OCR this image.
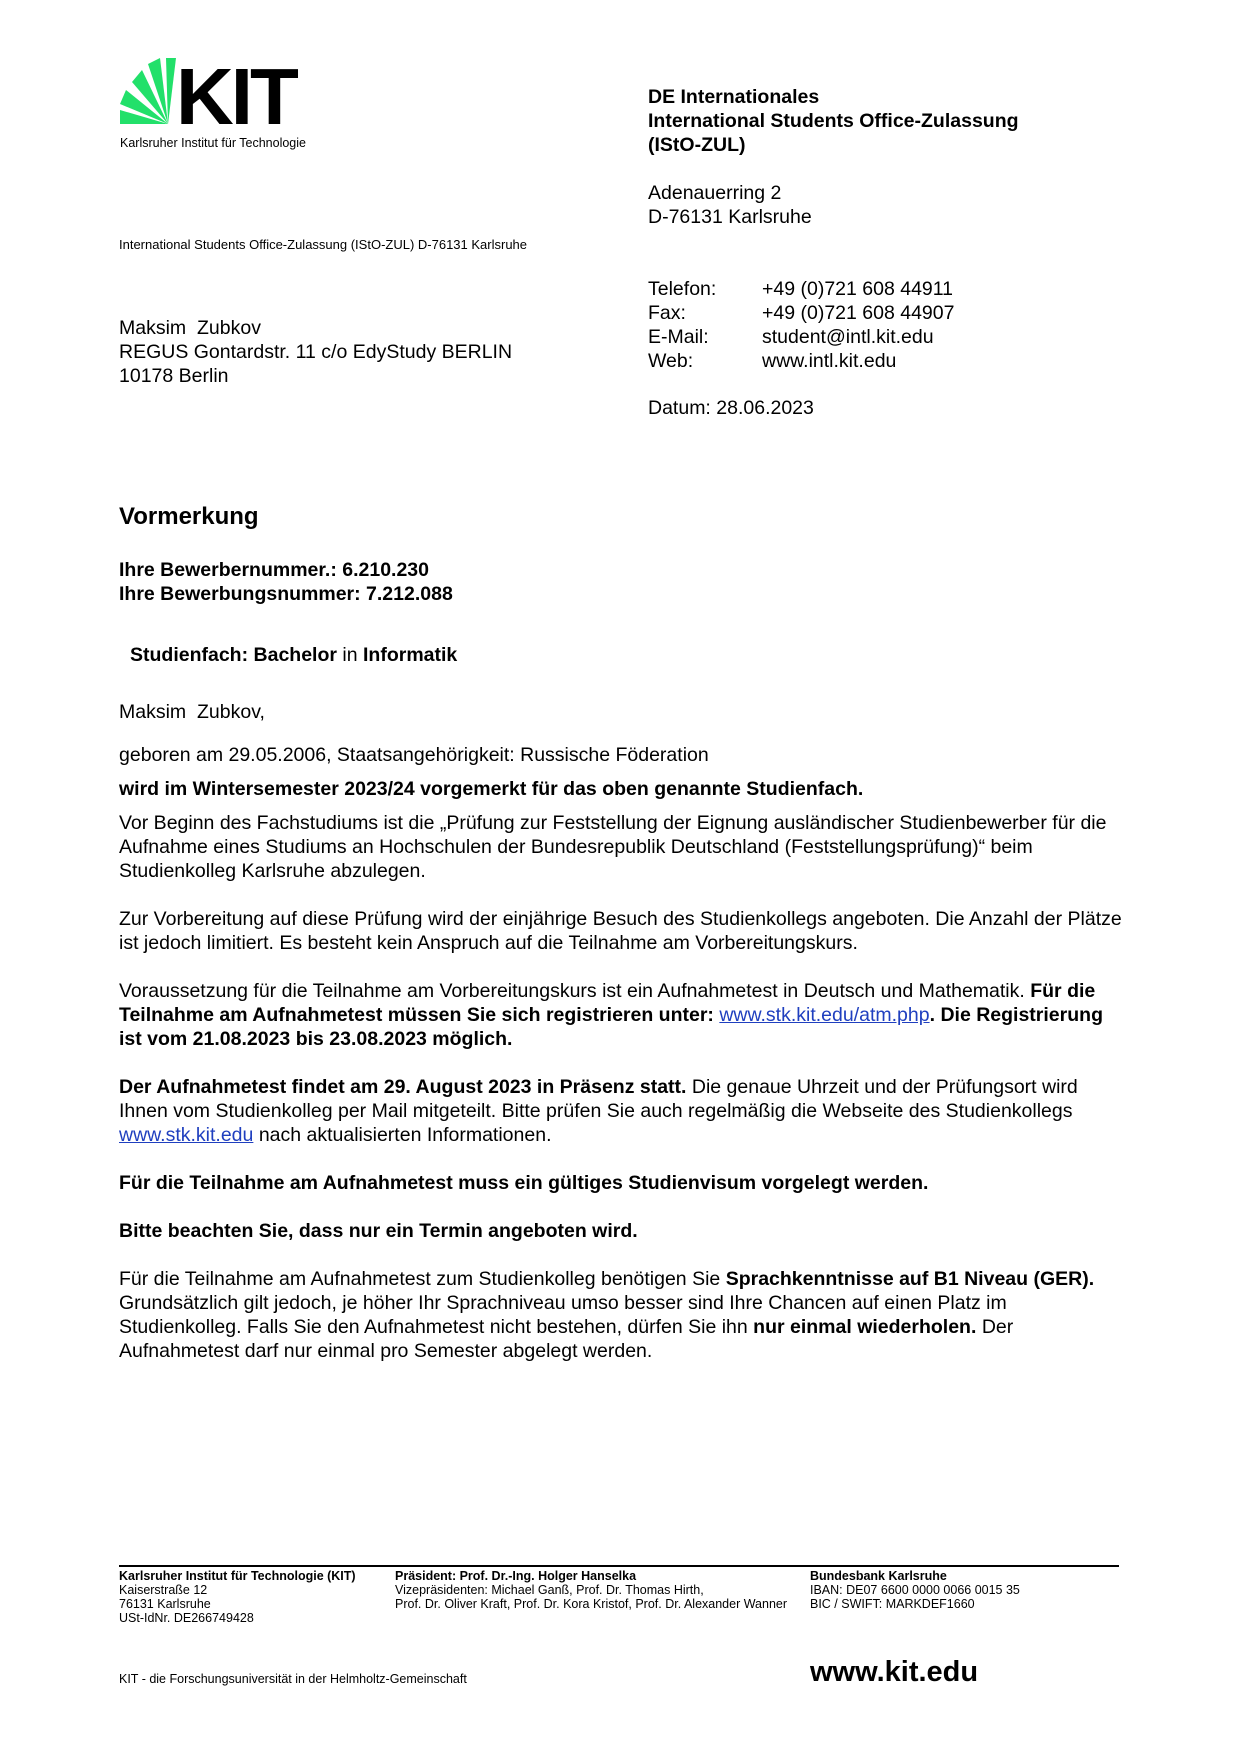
KIT
Karlsruher Institut für Technologie
International Students Office-Zulassung (IStO-ZUL) D-76131 Karlsruhe
Maksim  Zubkov
REGUS Gontardstr. 11 c/o EdyStudy BERLIN
10178 Berlin
DE Internationales
International Students Office-Zulassung
(IStO-ZUL)
Adenauerring 2
D-76131 Karlsruhe
Telefon:	+49 (0)721 608 44911
Fax:	+49 (0)721 608 44907
E-Mail:	student@intl.kit.edu
Web:	www.intl.kit.edu
Datum: 28.06.2023
Vormerkung
Ihre Bewerbernummer.: 6.210.230
Ihre Bewerbungsnummer: 7.212.088
Studienfach: Bachelor in Informatik

Maksim  Zubkov,

geboren am 29.05.2006, Staatsangehörigkeit: Russische Föderation

wird im Wintersemester 2023/24 vorgemerkt für das oben genannte Studienfach.

Vor Beginn des Fachstudiums ist die „Prüfung zur Feststellung der Eignung ausländischer Studienbewerber für die Aufnahme eines Studiums an Hochschulen der Bundesrepublik Deutschland (Feststellungsprüfung)“ beim Studienkolleg Karlsruhe abzulegen.

Zur Vorbereitung auf diese Prüfung wird der einjährige Besuch des Studienkollegs angeboten. Die Anzahl der Plätze ist jedoch limitiert. Es besteht kein Anspruch auf die Teilnahme am Vorbereitungskurs.

Voraussetzung für die Teilnahme am Vorbereitungskurs ist ein Aufnahmetest in Deutsch und Mathematik. Für die Teilnahme am Aufnahmetest müssen Sie sich registrieren unter: www.stk.kit.edu/atm.php. Die Registrierung ist vom 21.08.2023 bis 23.08.2023 möglich.

Der Aufnahmetest findet am 29. August 2023 in Präsenz statt. Die genaue Uhrzeit und der Prüfungsort wird Ihnen vom Studienkolleg per Mail mitgeteilt. Bitte prüfen Sie auch regelmäßig die Webseite des Studienkollegs www.stk.kit.edu nach aktualisierten Informationen.

Für die Teilnahme am Aufnahmetest muss ein gültiges Studienvisum vorgelegt werden.

Bitte beachten Sie, dass nur ein Termin angeboten wird.

Für die Teilnahme am Aufnahmetest zum Studienkolleg benötigen Sie Sprachkenntnisse auf B1 Niveau (GER). Grundsätzlich gilt jedoch, je höher Ihr Sprachniveau umso besser sind Ihre Chancen auf einen Platz im Studienkolleg. Falls Sie den Aufnahmetest nicht bestehen, dürfen Sie ihn nur einmal wiederholen. Der Aufnahmetest darf nur einmal pro Semester abgelegt werden.

Karlsruher Institut für Technologie (KIT)
Kaiserstraße 12
76131 Karlsruhe
USt-IdNr. DE266749428
Präsident: Prof. Dr.-Ing. Holger Hanselka
Vizepräsidenten: Michael Ganß, Prof. Dr. Thomas Hirth,
Prof. Dr. Oliver Kraft, Prof. Dr. Kora Kristof, Prof. Dr. Alexander Wanner
Bundesbank Karlsruhe
IBAN: DE07 6600 0000 0066 0015 35
BIC / SWIFT: MARKDEF1660
KIT - die Forschungsuniversität in der Helmholtz-Gemeinschaft	www.kit.edu
